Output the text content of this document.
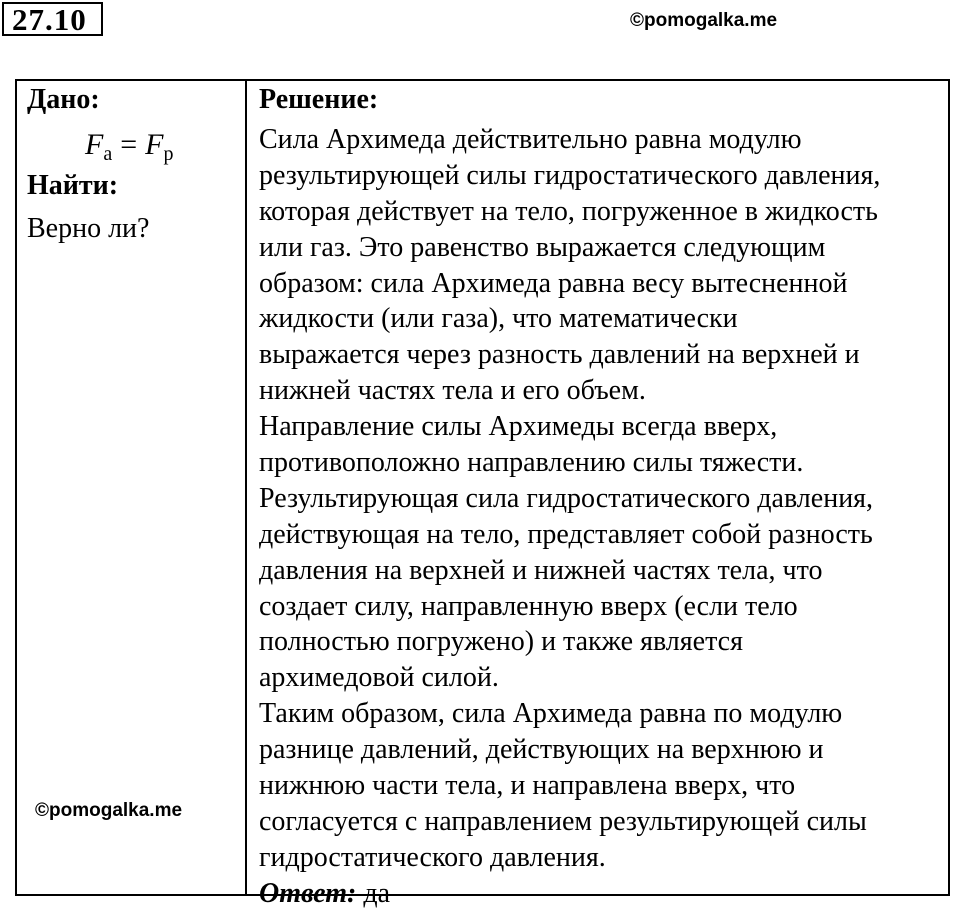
27.10	©pomogalka.me
Дано:
$F_а = F_р$
Найти:
Верно ли?
Решение:
Сила Архимеда действительно равна модулю
результирующей силы гидростатического давления,
которая действует на тело, погруженное в жидкость
или газ. Это равенство выражается следующим
образом: сила Архимеда равна весу вытесненной
жидкости (или газа), что математически
выражается через разность давлений на верхней и
нижней частях тела и его объем.
Направление силы Архимеды всегда вверх,
противоположно направлению силы тяжести.
Результирующая сила гидростатического давления,
действующая на тело, представляет собой разность
давления на верхней и нижней частях тела, что
создает силу, направленную вверх (если тело
полностью погружено) и также является
архимедовой силой.
Таким образом, сила Архимеда равна по модулю
разнице давлений, действующих на верхнюю и
нижнюю части тела, и направлена вверх, что
согласуется с направлением результирующей силы
гидростатического давления.
Ответ: да
©pomogalka.me
